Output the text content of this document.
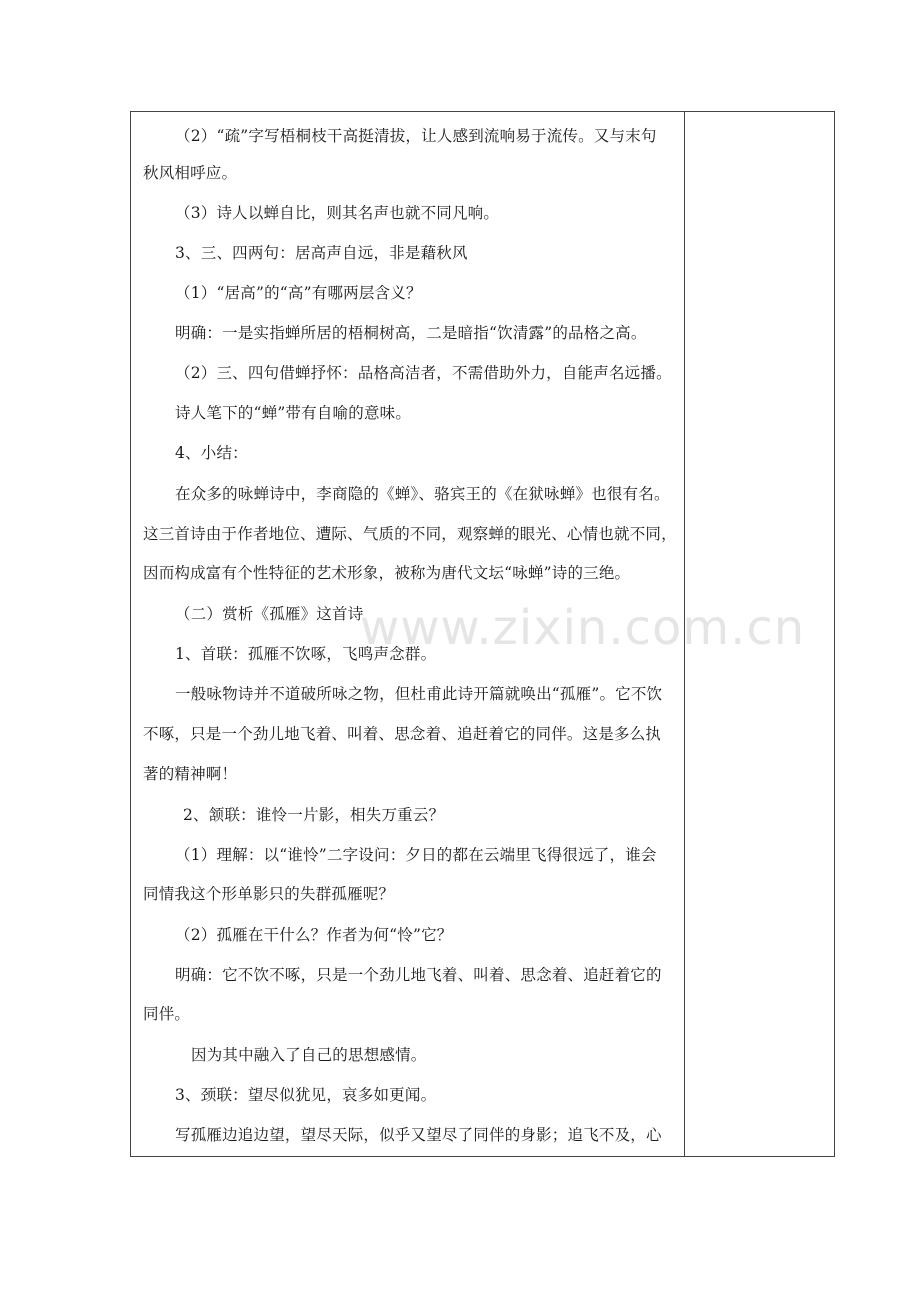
（2）“疏”字写梧桐枝干高挺清拔，让人感到流响易于流传。又与末句
秋风相呼应。
（3）诗人以蝉自比，则其名声也就不同凡响。
3、三、四两句：居高声自远，非是藉秋风
（1）“居高”的“高”有哪两层含义？
明确：一是实指蝉所居的梧桐树高，二是暗指“饮清露”的品格之高。
（2）三、四句借蝉抒怀：品格高洁者，不需借助外力，自能声名远播。
诗人笔下的“蝉”带有自喻的意味。
4、小结：
在众多的咏蝉诗中，李商隐的《蝉》、骆宾王的《在狱咏蝉》也很有名。
这三首诗由于作者地位、遭际、气质的不同，观察蝉的眼光、心情也就不同，
因而构成富有个性特征的艺术形象，被称为唐代文坛“咏蝉”诗的三绝。
（二）赏析《孤雁》这首诗
1、首联：孤雁不饮啄，飞鸣声念群。
一般咏物诗并不道破所咏之物，但杜甫此诗开篇就唤出“孤雁”。它不饮
不啄，只是一个劲儿地飞着、叫着、思念着、追赶着它的同伴。这是多么执
著的精神啊！
2、颔联：谁怜一片影，相失万重云？
（1）理解：以“谁怜”二字设问：夕日的都在云端里飞得很远了，谁会
同情我这个形单影只的失群孤雁呢？
（2）孤雁在干什么？作者为何“怜”它？
明确：它不饮不啄，只是一个劲儿地飞着、叫着、思念着、追赶着它的
同伴。
因为其中融入了自己的思想感情。
3、颈联：望尽似犹见，哀多如更闻。
写孤雁边追边望，望尽天际，似乎又望尽了同伴的身影；追飞不及，心
www.zixin.com.cn
